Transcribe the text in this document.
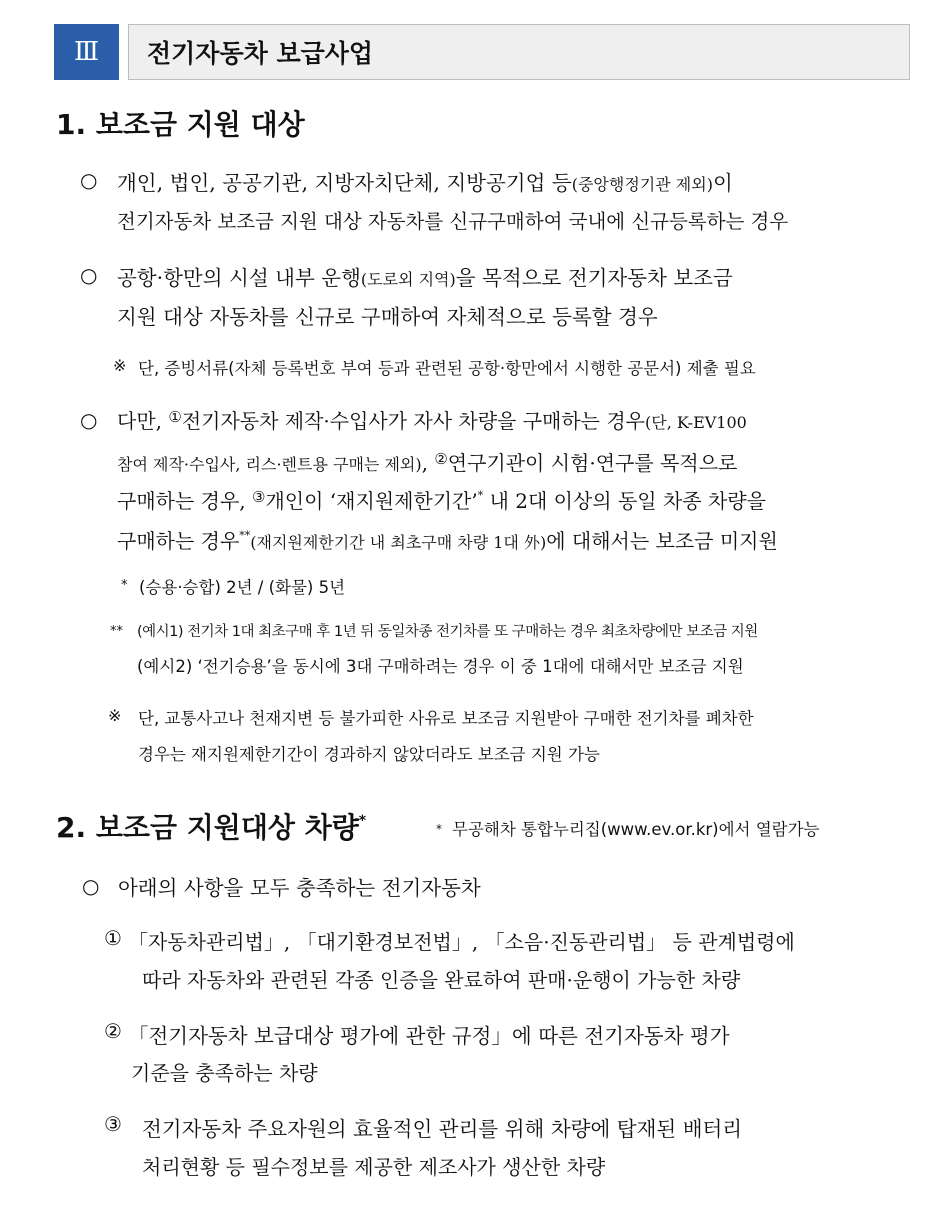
Ⅲ	전기자동차 보급사업
1. 보조금 지원 대상
○ 개인, 법인, 공공기관, 지방자치단체, 지방공기업 등(중앙행정기관 제외)이
전기자동차 보조금 지원 대상 자동차를 신규구매하여 국내에 신규등록하는 경우
○ 공항·항만의 시설 내부 운행(도로외 지역)을 목적으로 전기자동차 보조금
지원 대상 자동차를 신규로 구매하여 자체적으로 등록할 경우
※ 단, 증빙서류(자체 등록번호 부여 등과 관련된 공항·항만에서 시행한 공문서) 제출 필요
○ 다만, ①전기자동차 제작·수입사가 자사 차량을 구매하는 경우(단, K-EV100
참여 제작·수입사, 리스·렌트용 구매는 제외), ②연구기관이 시험·연구를 목적으로
구매하는 경우, ③개인이 ‘재지원제한기간’* 내 2대 이상의 동일 차종 차량을
구매하는 경우**(재지원제한기간 내 최초구매 차량 1대 外)에 대해서는 보조금 미지원
* (승용·승합) 2년 / (화물) 5년
** (예시1) 전기차 1대 최초구매 후 1년 뒤 동일차종 전기차를 또 구매하는 경우 최초차량에만 보조금 지원
(예시2) ‘전기승용’을 동시에 3대 구매하려는 경우 이 중 1대에 대해서만 보조금 지원
※ 단, 교통사고나 천재지변 등 불가피한 사유로 보조금 지원받아 구매한 전기차를 폐차한
경우는 재지원제한기간이 경과하지 않았더라도 보조금 지원 가능
2. 보조금 지원대상 차량*	* 무공해차 통합누리집(www.ev.or.kr)에서 열람가능
○ 아래의 사항을 모두 충족하는 전기자동차
① 「자동차관리법」, 「대기환경보전법」, 「소음·진동관리법」 등 관계법령에
따라 자동차와 관련된 각종 인증을 완료하여 판매·운행이 가능한 차량
② 「전기자동차 보급대상 평가에 관한 규정」에 따른 전기자동차 평가
기준을 충족하는 차량
③ 전기자동차 주요자원의 효율적인 관리를 위해 차량에 탑재된 배터리
처리현황 등 필수정보를 제공한 제조사가 생산한 차량
